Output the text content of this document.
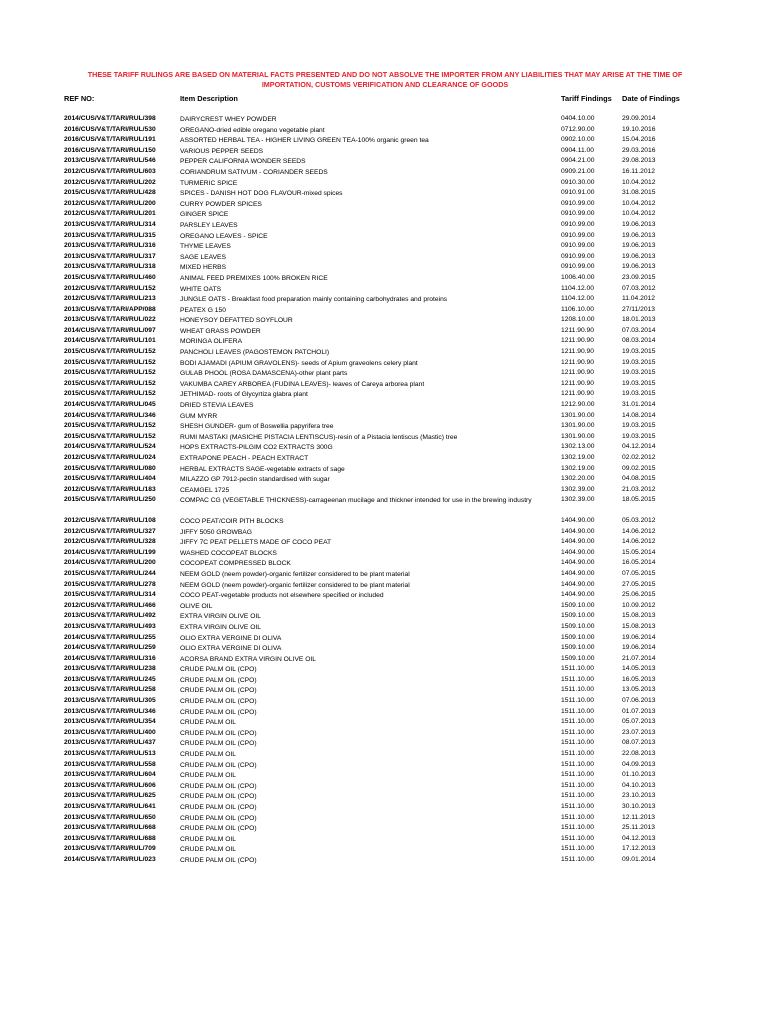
THESE TARIFF RULINGS ARE BASED ON MATERIAL FACTS PRESENTED AND DO NOT ABSOLVE THE IMPORTER FROM ANY LIABILITIES THAT MAY ARISE AT THE TIME OF IMPORTATION, CUSTOMS VERIFICATION AND CLEARANCE OF GOODS
REF NO:	Item Description	Tariff Findings Date of Findings
2014/CUS/V&T/TARI/RUL/398	DAIRYCREST WHEY POWDER	0404.10.00	29.09.2014
2016/CUS/V&T/TARI/RUL/530	OREGANO-dried edible oregano vegetable plant	0712.90.00	19.10.2016
2016/CUS/V&T/TARI/RUL/191	ASSORTED HERBAL TEA - HIGHER LIVING GREEN TEA-100% organic green tea	0902.10.00	15.04.2016
2016/CUS/V&T/TARI/RUL/150	VARIOUS PEPPER SEEDS	0904.11.00	29.03.2016
2013/CUS/V&T/TARI/RUL/546	PEPPER CALIFORNIA WONDER SEEDS	0904.21.00	29.08.2013
2012/CUS/V&T/TARI/RUL/603	CORIANDRUM SATIVUM - CORIANDER SEEDS	0909.21.00	16.11.2012
2012/CUS/V&T/TARI/RUL/202	TURMERIC SPICE	0910.30.00	10.04.2012
2015/CUS/V&T/TARI/RUL/428	SPICES - DANISH HOT DOG FLAVOUR-mixed spices	0910.91.00	31.08.2015
2012/CUS/V&T/TARI/RUL/200	CURRY POWDER SPICES	0910.99.00	10.04.2012
2012/CUS/V&T/TARI/RUL/201	GINGER SPICE	0910.99.00	10.04.2012
2013/CUS/V&T/TARI/RUL/314	PARSLEY LEAVES	0910.99.00	19.06.2013
2013/CUS/V&T/TARI/RUL/315	OREGANO LEAVES - SPICE	0910.99.00	19.06.2013
2013/CUS/V&T/TARI/RUL/316	THYME LEAVES	0910.99.00	19.06.2013
2013/CUS/V&T/TARI/RUL/317	SAGE LEAVES	0910.99.00	19.06.2013
2013/CUS/V&T/TARI/RUL/318	MIXED HERBS	0910.99.00	19.06.2013
2015/CUS/V&T/TARI/RUL/460	ANIMAL FEED PREMIXES 100% BROKEN RICE	1006.40.00	23.09.2015
2012/CUS/V&T/TARI/RUL/152	WHITE OATS	1104.12.00	07.03.2012
2012/CUS/V&T/TARI/RUL/213	JUNGLE OATS - Breakfast food preparation mainly containing carbohydrates and proteins	1104.12.00	11.04.2012
2013/CUS/V&T/TARI/APP/088	PEATEX G 150	1106.10.00	27/11/2013
2013/CUS/V&T/TARI/RUL/022	HONEYSOY DEFATTED SOYFLOUR	1208.10.00	18.01.2013
2014/CUS/V&T/TARI/RUL/097	WHEAT GRASS POWDER	1211.90.90	07.03.2014
2014/CUS/V&T/TARI/RUL/101	MORINGA OLIFERA	1211.90.90	08.03.2014
2015/CUS/V&T/TARI/RUL/152	PANCHOLI LEAVES (PAGOSTEMON PATCHOLI)	1211.90.90	19.03.2015
2015/CUS/V&T/TARI/RUL/152	BODI AJAMADI (APIUM GRAVOLENS)- seeds of Apium graveolens celery plant	1211.90.90	19.03.2015
2015/CUS/V&T/TARI/RUL/152	GULAB PHOOL (ROSA DAMASCENA)-other plant parts	1211.90.90	19.03.2015
2015/CUS/V&T/TARI/RUL/152	VAKUMBA CAREY ARBOREA (FUDINA LEAVES)- leaves of Careya arborea plant	1211.90.90	19.03.2015
2015/CUS/V&T/TARI/RUL/152	JETHIMAD- roots of Glycyrtiza glabra plant	1211.90.90	19.03.2015
2014/CUS/V&T/TARI/RUL/045	DRIED STEVIA LEAVES	1212.90.00	31.01.2014
2014/CUS/V&T/TARI/RUL/346	GUM MYRR	1301.90.00	14.08.2014
2015/CUS/V&T/TARI/RUL/152	SHESH GUNDER- gum of Boswellia papyrifera tree	1301.90.00	19.03.2015
2015/CUS/V&T/TARI/RUL/152	RUMI MASTAKI (MASICHE PISTACIA LENTISCUS)-resin of a Pistacia lentiscus (Mastic) tree	1301.90.00	19.03.2015
2014/CUS/V&T/TARI/RUL/524	HOPS EXTRACTS-PILGIM CO2 EXTRACTS 300G	1302.13.00	04.12.2014
2012/CUS/V&T/TARI/RUL/024	EXTRAPONE PEACH - PEACH EXTRACT	1302.19.00	02.02.2012
2015/CUS/V&T/TARI/RUL/080	HERBAL EXTRACTS SAGE-vegetable extracts of sage	1302.19.00	09.02.2015
2015/CUS/V&T/TARI/RUL/404	MILAZZO GP 7912-pectin standardised with sugar	1302.20.00	04.08.2015
2012/CUS/V&T/TARI/RUL/183	CEAMGEL 1725	1302.39.00	21.03.2012
2015/CUS/V&T/TARI/RUL/250	COMPAC CG (VEGETABLE THICKNESS)-carrageenan mucilage and thickner intended for use in the brewing industry	1302.39.00	18.05.2015
2012/CUS/V&T/TARI/RUL/108	COCO PEAT/COIR PITH BLOCKS	1404.90.00	05.03.2012
2012/CUS/V&T/TARI/RUL/327	JIFFY 5050 GROWBAG	1404.90.00	14.06.2012
2012/CUS/V&T/TARI/RUL/328	JIFFY 7C PEAT PELLETS MADE OF COCO PEAT	1404.90.00	14.06.2012
2014/CUS/V&T/TARI/RUL/199	WASHED COCOPEAT BLOCKS	1404.90.00	15.05.2014
2014/CUS/V&T/TARI/RUL/200	COCOPEAT COMPRESSED BLOCK	1404.90.00	16.05.2014
2015/CUS/V&T/TARI/RUL/244	NEEM GOLD (neem powder)-organic fertilizer considered to be plant material	1404.90.00	07.05.2015
2015/CUS/V&T/TARI/RUL/278	NEEM GOLD (neem powder)-organic fertilizer considered to be plant material	1404.90.00	27.05.2015
2015/CUS/V&T/TARI/RUL/314	COCO PEAT-vegetable products not elsewhere specified or included	1404.90.00	25.06.2015
2012/CUS/V&T/TARI/RUL/466	OLIVE OIL	1509.10.00	10.09.2012
2013/CUS/V&T/TARI/RUL/492	EXTRA VIRGIN OLIVE OIL	1509.10.00	15.08.2013
2013/CUS/V&T/TARI/RUL/493	EXTRA VIRGIN OLIVE OIL	1509.10.00	15.08.2013
2014/CUS/V&T/TARI/RUL/255	OLIO EXTRA VERGINE DI OLIVA	1509.10.00	19.06.2014
2014/CUS/V&T/TARI/RUL/259	OLIO EXTRA VERGINE DI OLIVA	1509.10.00	19.06.2014
2014/CUS/V&T/TARI/RUL/316	ACORSA BRAND EXTRA VIRGIN OLIVE OIL	1509.10.00	21.07.2014
2013/CUS/V&T/TARI/RUL/238	CRUDE PALM OIL (CPO)	1511.10.00	14.05.2013
2013/CUS/V&T/TARI/RUL/245	CRUDE PALM OIL (CPO)	1511.10.00	16.05.2013
2013/CUS/V&T/TARI/RUL/258	CRUDE PALM OIL (CPO)	1511.10.00	13.05.2013
2013/CUS/V&T/TARI/RUL/305	CRUDE PALM OIL (CPO)	1511.10.00	07.06.2013
2013/CUS/V&T/TARI/RUL/346	CRUDE PALM OIL (CPO)	1511.10.00	01.07.2013
2013/CUS/V&T/TARI/RUL/354	CRUDE PALM OIL	1511.10.00	05.07.2013
2013/CUS/V&T/TARI/RUL/400	CRUDE PALM OIL (CPO)	1511.10.00	23.07.2013
2013/CUS/V&T/TARI/RUL/437	CRUDE PALM OIL (CPO)	1511.10.00	08.07.2013
2013/CUS/V&T/TARI/RUL/513	CRUDE PALM OIL	1511.10.00	22.08.2013
2013/CUS/V&T/TARI/RUL/558	CRUDE PALM OIL (CPO)	1511.10.00	04.09.2013
2013/CUS/V&T/TARI/RUL/604	CRUDE PALM OIL	1511.10.00	01.10.2013
2013/CUS/V&T/TARI/RUL/606	CRUDE PALM OIL (CPO)	1511.10.00	04.10.2013
2013/CUS/V&T/TARI/RUL/625	CRUDE PALM OIL (CPO)	1511.10.00	23.10.2013
2013/CUS/V&T/TARI/RUL/641	CRUDE PALM OIL (CPO)	1511.10.00	30.10.2013
2013/CUS/V&T/TARI/RUL/650	CRUDE PALM OIL (CPO)	1511.10.00	12.11.2013
2013/CUS/V&T/TARI/RUL/668	CRUDE PALM OIL (CPO)	1511.10.00	25.11.2013
2013/CUS/V&T/TARI/RUL/688	CRUDE PALM OIL	1511.10.00	04.12.2013
2013/CUS/V&T/TARI/RUL/709	CRUDE PALM OIL	1511.10.00	17.12.2013
2014/CUS/V&T/TARI/RUL/023	CRUDE PALM OIL (CPO)	1511.10.00	09.01.2014
